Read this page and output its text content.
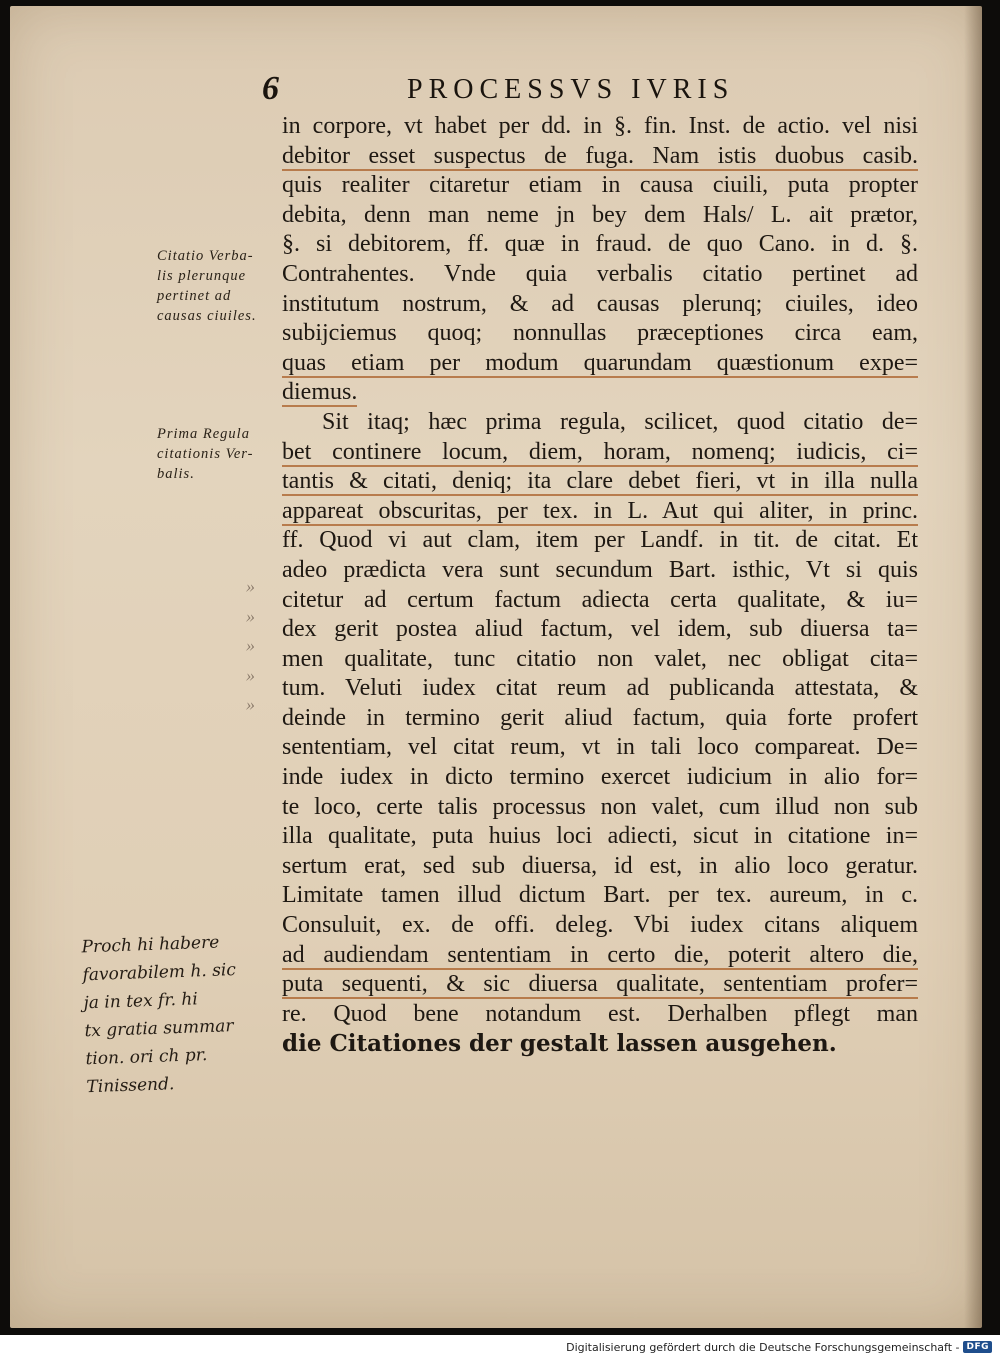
6	PROCESSVS IVRIS
Citatio Verba-
lis plerunque
pertinet ad
causas ciuiles.
Prima Regula
citationis Ver-
balis.
»
»
»
»
»
Proch hi habere
favorabilem h. sic
ja in tex fr. hi
tx gratia summar
tion. ori ch pr.
Tinissend.
in corpore, vt habet per dd. in §. fin. Inst. de actio. vel nisi
debitor esset suspectus de fuga. Nam istis duobus casib.
quis realiter citaretur etiam in causa ciuili, puta propter
debita, denn man neme jn bey dem Hals/ L. ait prætor,
§. si debitorem, ff. quæ in fraud. de quo Cano. in d. §.
Contrahentes. Vnde quia verbalis citatio pertinet ad
institutum nostrum, & ad causas plerunq; ciuiles, ideo
subijciemus quoq; nonnullas præceptiones circa eam,
quas etiam per modum quarundam quæstionum expe=
diemus.
Sit itaq; hæc prima regula, scilicet, quod citatio de=
bet continere locum, diem, horam, nomenq; iudicis, ci=
tantis & citati, deniq; ita clare debet fieri, vt in illa nulla
appareat obscuritas, per tex. in L. Aut qui aliter, in princ.
ff. Quod vi aut clam, item per Landf. in tit. de citat. Et
adeo prædicta vera sunt secundum Bart. isthic, Vt si quis
citetur ad certum factum adiecta certa qualitate, & iu=
dex gerit postea aliud factum, vel idem, sub diuersa ta=
men qualitate, tunc citatio non valet, nec obligat cita=
tum. Veluti iudex citat reum ad publicanda attestata, &
deinde in termino gerit aliud factum, quia forte profert
sententiam, vel citat reum, vt in tali loco compareat. De=
inde iudex in dicto termino exercet iudicium in alio for=
te loco, certe talis processus non valet, cum illud non sub
illa qualitate, puta huius loci adiecti, sicut in citatione in=
sertum erat, sed sub diuersa, id est, in alio loco geratur.
Limitate tamen illud dictum Bart. per tex. aureum, in c.
Consuluit, ex. de offi. deleg. Vbi iudex citans aliquem
ad audiendam sententiam in certo die, poterit altero die,
puta sequenti, & sic diuersa qualitate, sententiam profer=
re. Quod bene notandum est. Derhalben pflegt man
die Citationes der gestalt lassen ausgehen.
Digitalisierung gefördert durch die Deutsche Forschungsgemeinschaft - DFG
